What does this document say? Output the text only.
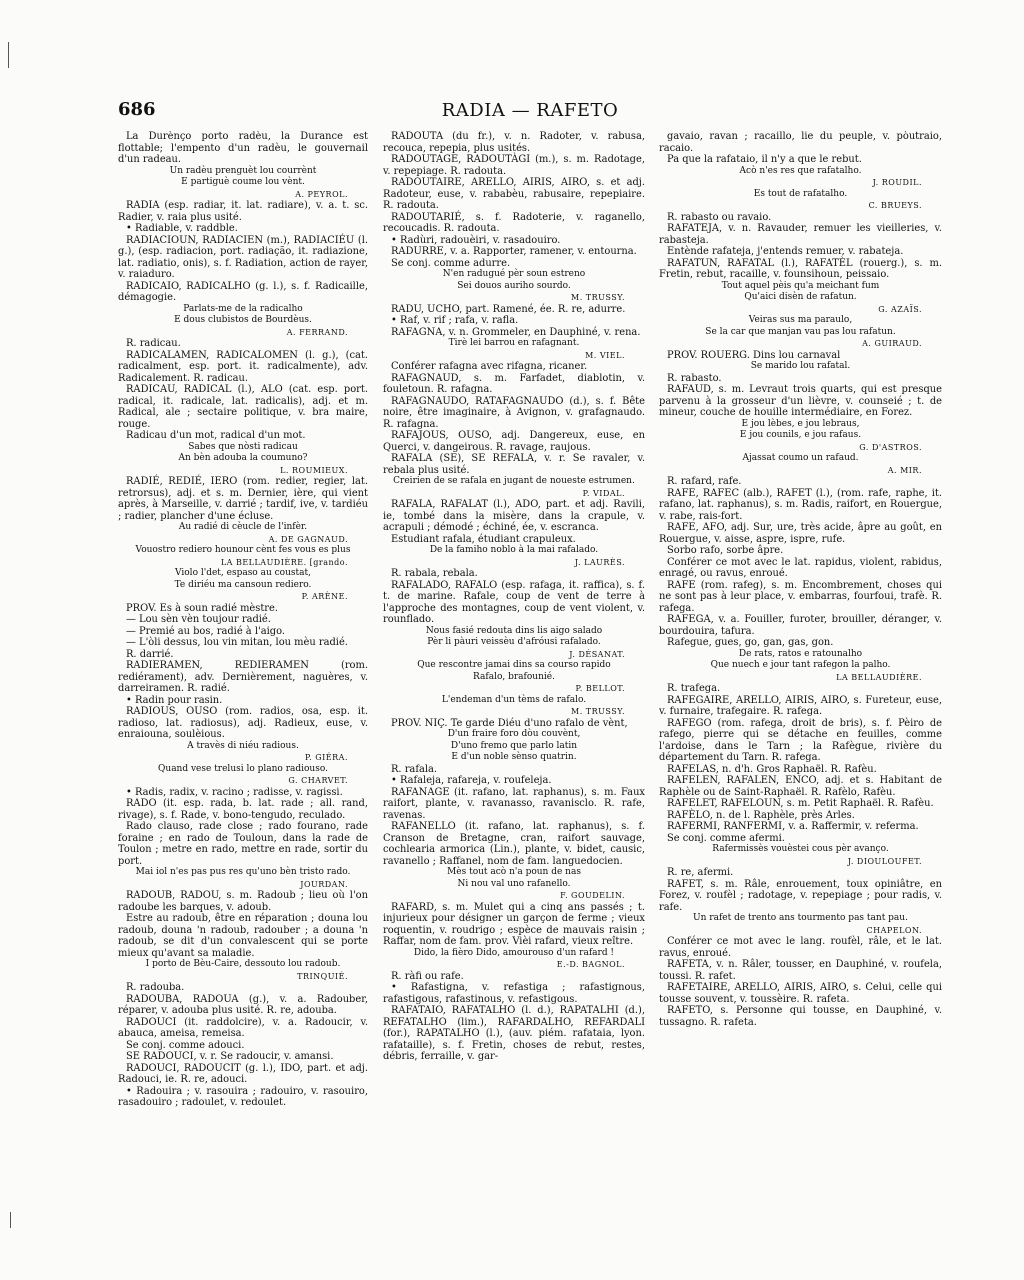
686	RADIA — RAFETO

La Durènço porto radèu, la Durance est flottable; l'empento d'un radèu, le gouvernail d'un radeau.

Un radèu prenguèt lou courrènt

E partiguè coume lou vènt.

A. PEYROL.

RADIA (esp. radiar, it. lat. radiare), v. a. t. sc. Radier, v. raia plus usité.

• Radiable, v. raddble.

RADIACIOUN, RADIACIEN (m.), RADIACIÉU (l. g.), (esp. radiacion, port. radiação, it. radiazione, lat. radiatio, onis), s. f. Radiation, action de rayer, v. raiaduro.

RADICAIO, RADICALHO (g. l.), s. f. Radicaille, démagogie.

Parlats-me de la radicalho

E dous clubistos de Bourdèus.

A. FERRAND.

R. radicau.

RADICALAMEN, RADICALOMEN (l. g.), (cat. radicalment, esp. port. it. radicalmente), adv. Radicalement. R. radicau.

RADICAU, RADICAL (l.), ALO (cat. esp. port. radical, it. radicale, lat. radicalis), adj. et m. Radical, ale ; sectaire politique, v. bra maire, rouge.

Radicau d'un mot, radical d'un mot.

Sabes que nòsti radicau

An bèn adouba la coumuno?

L. ROUMIEUX.

RADIÉ, REDIÉ, IERO (rom. redier, regier, lat. retrorsus), adj. et s. m. Dernier, ière, qui vient après, à Marseille, v. darrié ; tardif, ive, v. tardiéu ; radier, plancher d'une écluse.

Au radié di cèucle de l'infèr.

A. DE GAGNAUD.

Vouostro rediero hounour cènt fes vous es plus

LA BELLAUDIÈRE. [grando.

Violo l'det, espaso au coustat,

Te diriéu ma cansoun rediero.

P. ARÈNE.

PROV. Es à soun radié mèstre.

— Lou sèn vèn toujour radié.

— Premié au bos, radié à l'aigo.

— L'òli dessus, lou vin mitan, lou mèu radié.

R. darrié.

RADIERAMEN, REDIERAMEN (rom. rediérament), adv. Dernièrement, naguères, v. darreiramen. R. radié.

• Radin pour rasin.

RADIOUS, OUSO (rom. radios, osa, esp. it. radioso, lat. radiosus), adj. Radieux, euse, v. enraiouna, soulèious.

A travès di niéu radious.

P. GIÉRA.

Quand vese trelusi lo plano radiouso.

G. CHARVET.

• Radis, radix, v. racino ; radisse, v. ragissi.

RADO (it. esp. rada, b. lat. rade ; all. rand, rivage), s. f. Rade, v. bono-tengudo, reculado.

Rado clauso, rade close ; rado fourano, rade foraine ; en rado de Touloun, dans la rade de Toulon ; metre en rado, mettre en rade, sortir du port.

Mai iol n'es pas pus res qu'uno bèn tristo rado.

JOURDAN.

RADOUB, RADOU, s. m. Radoub ; lieu où l'on radoube les barques, v. adoub.

Estre au radoub, être en réparation ; douna lou radoub, douna 'n radoub, radouber ; a douna 'n radoub, se dit d'un convalescent qui se porte mieux qu'avant sa maladie.

I porto de Bèu-Caire, dessouto lou radoub.

TRINQUIÉ.

R. radouba.

RADOUBA, RADOUA (g.), v. a. Radouber, réparer, v. adouba plus usité. R. re, adouba.

RADOUCI (it. raddolcire), v. a. Radoucir, v. abauca, ameisa, remeisa.

Se conj. comme adouci.

SE RADOUCI, v. r. Se radoucir, v. amansi.

RADOUCI, RADOUCIT (g. l.), IDO, part. et adj. Radouci, ie. R. re, adouci.

• Radouira ; v. rasouira ; radouiro, v. rasouiro, rasadouiro ; radoulet, v. redoulet.

RADOUTA (du fr.), v. n. Radoter, v. rabusa, recouca, repepia, plus usités.

RADOUTAGE, RADOUTÀGI (m.), s. m. Radotage, v. repepiage. R. radouta.

RADOUTAIRE, ARELLO, AIRIS, AIRO, s. et adj. Radoteur, euse, v. rababèu, rabusaire, repepiaire. R. radouta.

RADOUTARIÉ, s. f. Radoterie, v. raganello, recoucadis. R. radouta.

• Radùri, radouèiri, v. rasadouiro.

RADURRE, v. a. Rapporter, ramener, v. entourna.

Se conj. comme adurre.

N'en radugué pèr soun estreno

Sei douos auriho sourdo.

M. TRUSSY.

RADU, UCHO, part. Ramené, ée. R. re, adurre.

• Raf, v. rif ; rafa, v. rafla.

RAFAGNA, v. n. Grommeler, en Dauphiné, v. rena.

Tirè lei barrou en rafagnant.

M. VIEL.

Conférer rafagna avec rifagna, ricaner.

RAFAGNAUD, s. m. Farfadet, diablotin, v. fouletoun. R. rafagna.

RAFAGNAUDO, RATAFAGNAUDO (d.), s. f. Bête noire, être imaginaire, à Avignon, v. grafagnaudo. R. rafagna.

RAFAJOUS, OUSO, adj. Dangereux, euse, en Querci, v. dangeirous. R. ravage, raujous.

RAFALA (SE), SE REFALA, v. r. Se ravaler, v. rebala plus usité.

Creirien de se rafala en jugant de noueste estrumen.

P. VIDAL.

RAFALA, RAFALAT (l.), ADO, part. et adj. Ravili, ie, tombé dans la misère, dans la crapule, v. acrapuli ; démodé ; échiné, ée, v. escranca.

Estudiant rafala, étudiant crapuleux.

De la famiho noblo à la mai rafalado.

J. LAURÈS.

R. rabala, rebala.

RAFALADO, RAFALO (esp. rafaga, it. raffica), s. f. t. de marine. Rafale, coup de vent de terre à l'approche des montagnes, coup de vent violent, v. rounflado.

Nous fasié redouta dins lis aigo salado

Pèr li pàuri veissèu d'afróusi rafalado.

J. DÉSANAT.

Que rescontre jamai dins sa courso rapido

Rafalo, brafounié.

P. BELLOT.

L'endeman d'un tèms de rafalo.

M. TRUSSY.

PROV. NIÇ. Te garde Diéu d'uno rafalo de vènt,

D'un fraire foro dòu couvènt,

D'uno fremo que parlo latin

E d'un noble sènso quatrin.

R. rafala.

• Rafaleja, rafareja, v. roufeleja.

RAFANAGE (it. rafano, lat. raphanus), s. m. Faux raifort, plante, v. ravanasso, ravanisclo. R. rafe, ravenas.

RAFANELLO (it. rafano, lat. raphanus), s. f. Cranson de Bretagne, cran, raifort sauvage, cochlearia armorica (Lin.), plante, v. bidet, causic, ravanello ; Raffanel, nom de fam. languedocien.

Mès tout acò n'a poun de nas

Ni nou val uno rafanello.

F. GOUDELIN.

RAFARD, s. m. Mulet qui a cinq ans passés ; t. injurieux pour désigner un garçon de ferme ; vieux roquentin, v. roudrigo ; espèce de mauvais raisin ; Raffar, nom de fam. prov. Vièi rafard, vieux reître.

Dido, la fièro Dido, amourouso d'un rafard !

E.-D. BAGNOL.

R. ràfi ou rafe.

• Rafastigna, v. refastiga ; rafastignous, rafastigous, rafastinous, v. refastigous.

RAFATAIO, RAFATALHO (l. d.), RAPATALHI (d.), REFATALHO (lim.), RAFARDALHO, REFARDALI (for.), RAPATALHO (l.), (auv. piém. rafataia, lyon. rafataille), s. f. Fretin, choses de rebut, restes, débris, ferraille, v. gar-

gavaio, ravan ; racaillo, lie du peuple, v. pòutraio, racaio.

Pa que la rafataio, il n'y a que le rebut.

Acò n'es res que rafatalho.

J. ROUDIL.

Es tout de rafatalho.

C. BRUEYS.

R. rabasto ou ravaio.

RAFATEJA, v. n. Ravauder, remuer les vieilleries, v. rabasteja.

Entènde rafateja, j'entends remuer, v. rabateja.

RAFATUN, RAFATAL (l.), RAFATÈL (rouerg.), s. m. Fretin, rebut, racaille, v. founsihoun, peissaio.

Tout aquel pèis qu'a meichant fum

Qu'aici disèn de rafatun.

G. AZAÏS.

Veiras sus ma paraulo,

Se la car que manjan vau pas lou rafatun.

A. GUIRAUD.

PROV. ROUERG. Dins lou carnaval

Se marido lou rafatal.

R. rabasto.

RAFAUD, s. m. Levraut trois quarts, qui est presque parvenu à la grosseur d'un lièvre, v. counseié ; t. de mineur, couche de houille intermédiaire, en Forez.

E jou lèbes, e jou lebraus,

E jou counils, e jou rafaus.

G. D'ASTROS.

Ajassat coumo un rafaud.

A. MIR.

R. rafard, rafe.

RAFE, RAFEC (alb.), RAFET (l.), (rom. rafe, raphe, it. rafano, lat. raphanus), s. m. Radis, raifort, en Rouergue, v. rabe, rais-fort.

RAFE, AFO, adj. Sur, ure, très acide, âpre au goût, en Rouergue, v. aisse, aspre, ispre, rufe.

Sorbo rafo, sorbe âpre.

Conférer ce mot avec le lat. rapidus, violent, rabidus, enragé, ou ravus, enroué.

RAFE (rom. rafeg), s. m. Encombrement, choses qui ne sont pas à leur place, v. embarras, fourfoui, trafè. R. rafega.

RAFEGA, v. a. Fouiller, furoter, brouiller, déranger, v. bourdouira, tafura.

Rafegue, gues, go, gan, gas, gon.

De rats, ratos e ratounalho

Que nuech e jour tant rafegon la palho.

LA BELLAUDIÈRE.

R. trafega.

RAFEGAIRE, ARELLO, AIRIS, AIRO, s. Fureteur, euse, v. furnaire, trafegaire. R. rafega.

RAFEGO (rom. rafega, droit de bris), s. f. Pèiro de rafego, pierre qui se détache en feuilles, comme l'ardoise, dans le Tarn ; la Rafègue, rivière du département du Tarn. R. rafega.

RAFELAS, n. d'h. Gros Raphaël. R. Rafèu.

RAFELEN, RAFALEN, ENCO, adj. et s. Habitant de Raphèle ou de Saint-Raphaël. R. Rafèlo, Rafèu.

RAFELET, RAFELOUN, s. m. Petit Raphaël. R. Rafèu.

RAFÈLO, n. de l. Raphèle, près Arles.

RAFERMI, RANFERMI, v. a. Raffermir, v. referma.

Se conj. comme afermi.

Rafermissès vouèstei cous pèr avanço.

J. DIOULOUFET.

R. re, afermi.

RAFET, s. m. Râle, enrouement, toux opiniâtre, en Forez, v. roufèl ; radotage, v. repepiage ; pour radis, v. rafe.

Un rafet de trento ans tourmento pas tant pau.

CHAPELON.

Conférer ce mot avec le lang. roufèl, râle, et le lat. ravus, enroué.

RAFETA, v. n. Râler, tousser, en Dauphiné, v. roufela, toussi. R. rafet.

RAFETAIRE, ARELLO, AIRIS, AIRO, s. Celui, celle qui tousse souvent, v. toussèire. R. rafeta.

RAFETO, s. Personne qui tousse, en Dauphiné, v. tussagno. R. rafeta.
